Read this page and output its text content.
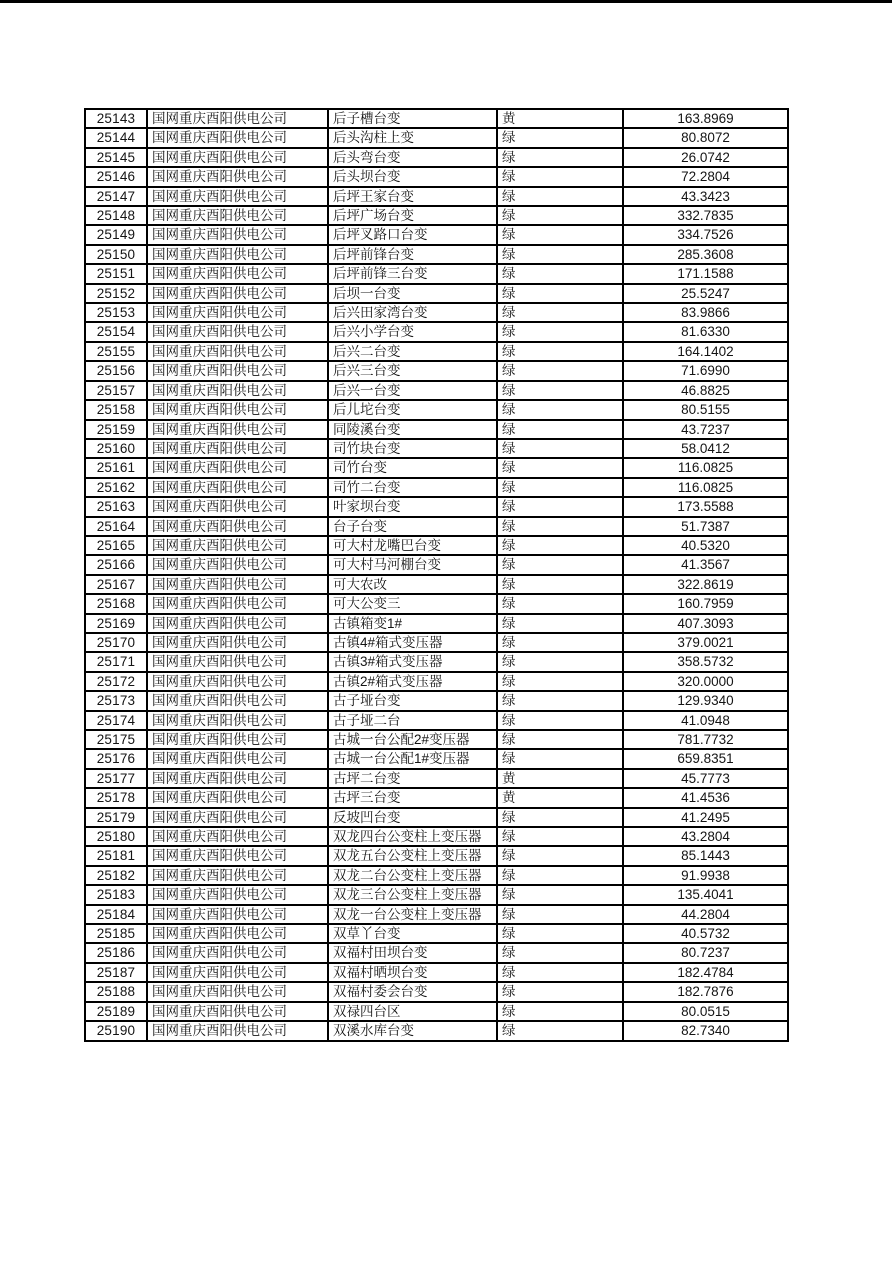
25143	国网重庆酉阳供电公司	后子槽台变	黄	163.8969
25144	国网重庆酉阳供电公司	后头沟柱上变	绿	80.8072
25145	国网重庆酉阳供电公司	后头弯台变	绿	26.0742
25146	国网重庆酉阳供电公司	后头坝台变	绿	72.2804
25147	国网重庆酉阳供电公司	后坪王家台变	绿	43.3423
25148	国网重庆酉阳供电公司	后坪广场台变	绿	332.7835
25149	国网重庆酉阳供电公司	后坪叉路口台变	绿	334.7526
25150	国网重庆酉阳供电公司	后坪前锋台变	绿	285.3608
25151	国网重庆酉阳供电公司	后坪前锋三台变	绿	171.1588
25152	国网重庆酉阳供电公司	后坝一台变	绿	25.5247
25153	国网重庆酉阳供电公司	后兴田家湾台变	绿	83.9866
25154	国网重庆酉阳供电公司	后兴小学台变	绿	81.6330
25155	国网重庆酉阳供电公司	后兴二台变	绿	164.1402
25156	国网重庆酉阳供电公司	后兴三台变	绿	71.6990
25157	国网重庆酉阳供电公司	后兴一台变	绿	46.8825
25158	国网重庆酉阳供电公司	后儿坨台变	绿	80.5155
25159	国网重庆酉阳供电公司	同陵溪台变	绿	43.7237
25160	国网重庆酉阳供电公司	司竹块台变	绿	58.0412
25161	国网重庆酉阳供电公司	司竹台变	绿	116.0825
25162	国网重庆酉阳供电公司	司竹二台变	绿	116.0825
25163	国网重庆酉阳供电公司	叶家坝台变	绿	173.5588
25164	国网重庆酉阳供电公司	台子台变	绿	51.7387
25165	国网重庆酉阳供电公司	可大村龙嘴巴台变	绿	40.5320
25166	国网重庆酉阳供电公司	可大村马河棚台变	绿	41.3567
25167	国网重庆酉阳供电公司	可大农改	绿	322.8619
25168	国网重庆酉阳供电公司	可大公变三	绿	160.7959
25169	国网重庆酉阳供电公司	古镇箱变1#	绿	407.3093
25170	国网重庆酉阳供电公司	古镇4#箱式变压器	绿	379.0021
25171	国网重庆酉阳供电公司	古镇3#箱式变压器	绿	358.5732
25172	国网重庆酉阳供电公司	古镇2#箱式变压器	绿	320.0000
25173	国网重庆酉阳供电公司	古子垭台变	绿	129.9340
25174	国网重庆酉阳供电公司	古子垭二台	绿	41.0948
25175	国网重庆酉阳供电公司	古城一台公配2#变压器	绿	781.7732
25176	国网重庆酉阳供电公司	古城一台公配1#变压器	绿	659.8351
25177	国网重庆酉阳供电公司	古坪二台变	黄	45.7773
25178	国网重庆酉阳供电公司	古坪三台变	黄	41.4536
25179	国网重庆酉阳供电公司	反坡凹台变	绿	41.2495
25180	国网重庆酉阳供电公司	双龙四台公变柱上变压器	绿	43.2804
25181	国网重庆酉阳供电公司	双龙五台公变柱上变压器	绿	85.1443
25182	国网重庆酉阳供电公司	双龙二台公变柱上变压器	绿	91.9938
25183	国网重庆酉阳供电公司	双龙三台公变柱上变压器	绿	135.4041
25184	国网重庆酉阳供电公司	双龙一台公变柱上变压器	绿	44.2804
25185	国网重庆酉阳供电公司	双草丫台变	绿	40.5732
25186	国网重庆酉阳供电公司	双福村田坝台变	绿	80.7237
25187	国网重庆酉阳供电公司	双福村晒坝台变	绿	182.4784
25188	国网重庆酉阳供电公司	双福村委会台变	绿	182.7876
25189	国网重庆酉阳供电公司	双禄四台区	绿	80.0515
25190	国网重庆酉阳供电公司	双溪水库台变	绿	82.7340
